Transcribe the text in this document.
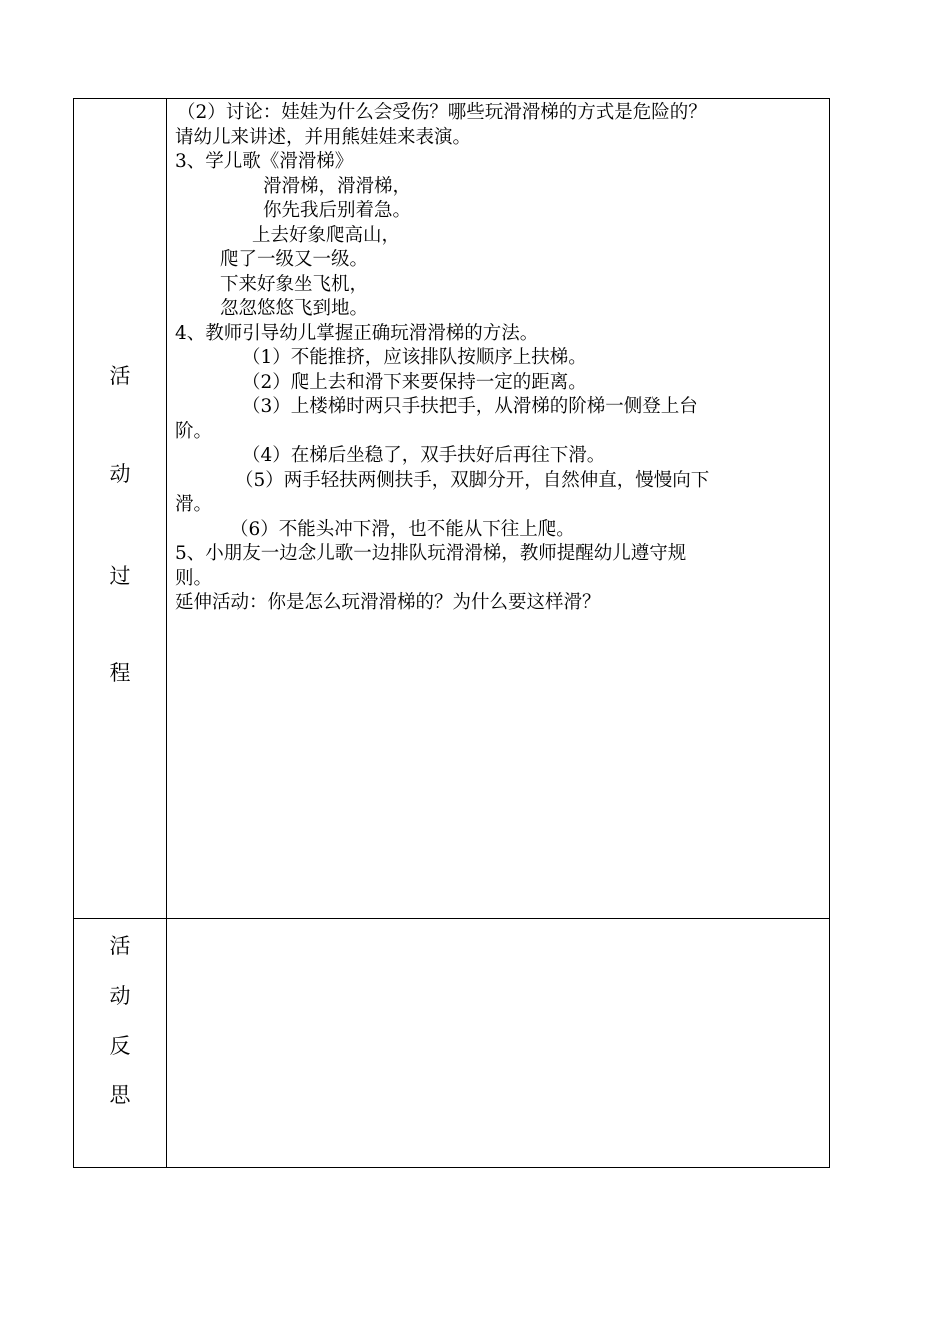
活
动
过
程

（2）讨论：娃娃为什么会受伤？哪些玩滑滑梯的方式是危险的？

请幼儿来讲述，并用熊娃娃来表演。

3、学儿歌《滑滑梯》

滑滑梯，滑滑梯，

你先我后别着急。

上去好象爬高山，

爬了一级又一级。

下来好象坐飞机，

忽忽悠悠飞到地。

4、教师引导幼儿掌握正确玩滑滑梯的方法。

（1）不能推挤，应该排队按顺序上扶梯。

（2）爬上去和滑下来要保持一定的距离。

（3）上楼梯时两只手扶把手，从滑梯的阶梯一侧登上台

阶。

（4）在梯后坐稳了，双手扶好后再往下滑。

（5）两手轻扶两侧扶手，双脚分开，自然伸直，慢慢向下

滑。

（6）不能头冲下滑，也不能从下往上爬。

5、小朋友一边念儿歌一边排队玩滑滑梯，教师提醒幼儿遵守规

则。

延伸活动：你是怎么玩滑滑梯的？为什么要这样滑？

活
动
反
思
